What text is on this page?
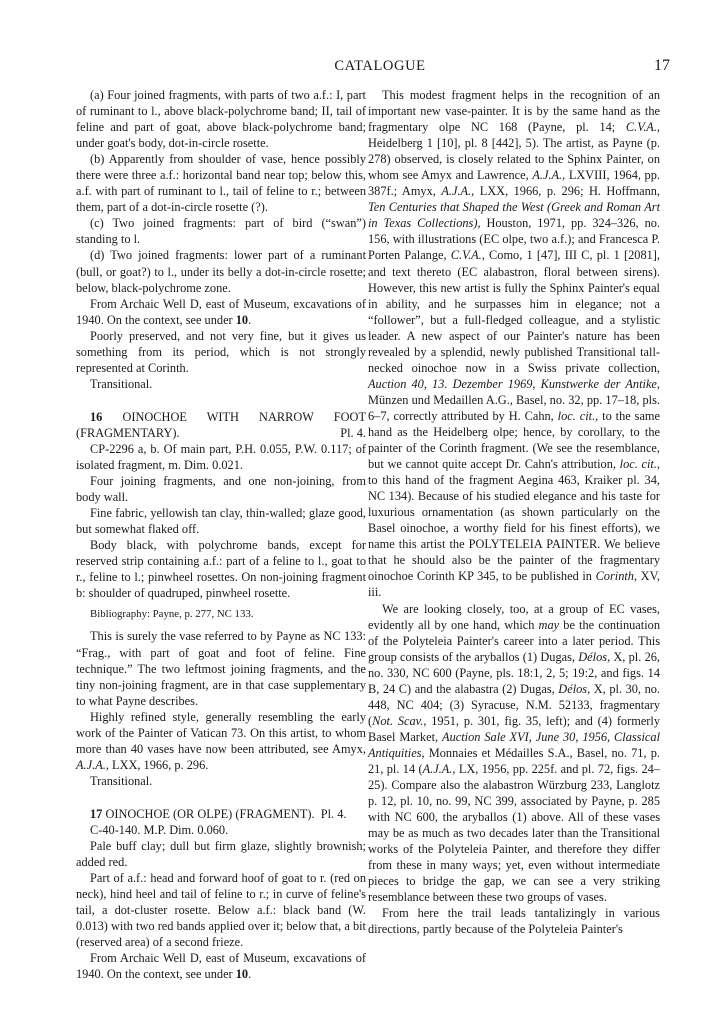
CATALOGUE	17

(a) Four joined fragments, with parts of two a.f.: I, part of ruminant to l., above black-polychrome band; II, tail of feline and part of goat, above black-polychrome band; under goat's body, dot-in-circle rosette.

(b) Apparently from shoulder of vase, hence possibly there were three a.f.: horizontal band near top; below this, a.f. with part of ruminant to l., tail of feline to r.; between them, part of a dot-in-circle rosette (?).

(c) Two joined fragments: part of bird (“swan”) standing to l.

(d) Two joined fragments: lower part of a ruminant (bull, or goat?) to l., under its belly a dot-in-circle rosette; below, black-polychrome zone.

From Archaic Well D, east of Museum, excavations of 1940. On the context, see under 10.

Poorly preserved, and not very fine, but it gives us something from its period, which is not strongly represented at Corinth.

Transitional.

16 OINOCHOE WITH NARROW FOOT (FRAGMENTARY).	Pl. 4.

CP-2296 a, b. Of main part, P.H. 0.055, P.W. 0.117; of isolated fragment, m. Dim. 0.021.

Four joining fragments, and one non-joining, from body wall.

Fine fabric, yellowish tan clay, thin-walled; glaze good, but somewhat flaked off.

Body black, with polychrome bands, except for reserved strip containing a.f.: part of a feline to l., goat to r., feline to l.; pinwheel rosettes. On non-joining fragment b: shoulder of quadruped, pinwheel rosette.

Bibliography: Payne, p. 277, NC 133.

This is surely the vase referred to by Payne as NC 133: “Frag., with part of goat and foot of feline. Fine technique.” The two leftmost joining fragments, and the tiny non-joining fragment, are in that case supplementary to what Payne describes.

Highly refined style, generally resembling the early work of the Painter of Vatican 73. On this artist, to whom more than 40 vases have now been attributed, see Amyx, A.J.A., LXX, 1966, p. 296.

Transitional.

17 OINOCHOE (OR OLPE) (FRAGMENT). Pl. 4.

C-40-140. M.P. Dim. 0.060.

Pale buff clay; dull but firm glaze, slightly brownish; added red.

Part of a.f.: head and forward hoof of goat to r. (red on neck), hind heel and tail of feline to r.; in curve of feline's tail, a dot-cluster rosette. Below a.f.: black band (W. 0.013) with two red bands applied over it; below that, a bit (reserved area) of a second frieze.

From Archaic Well D, east of Museum, excavations of 1940. On the context, see under 10.

This modest fragment helps in the recognition of an important new vase-painter. It is by the same hand as the fragmentary olpe NC 168 (Payne, pl. 14; C.V.A., Heidelberg 1 [10], pl. 8 [442], 5). The artist, as Payne (p. 278) observed, is closely related to the Sphinx Painter, on whom see Amyx and Lawrence, A.J.A., LXVIII, 1964, pp. 387f.; Amyx, A.J.A., LXX, 1966, p. 296; H. Hoffmann, Ten Centuries that Shaped the West (Greek and Roman Art in Texas Collections), Houston, 1971, pp. 324–326, no. 156, with illustrations (EC olpe, two a.f.); and Francesca P. Porten Palange, C.V.A., Como, 1 [47], III C, pl. 1 [2081], and text thereto (EC alabastron, floral between sirens). However, this new artist is fully the Sphinx Painter's equal in ability, and he surpasses him in elegance; not a “follower”, but a full-fledged colleague, and a stylistic leader. A new aspect of our Painter's nature has been revealed by a splendid, newly published Transitional tall-necked oinochoe now in a Swiss private collection, Auction 40, 13. Dezember 1969, Kunstwerke der Antike, Münzen und Medaillen A.G., Basel, no. 32, pp. 17–18, pls. 6–7, correctly attributed by H. Cahn, loc. cit., to the same hand as the Heidelberg olpe; hence, by corollary, to the painter of the Corinth fragment. (We see the resemblance, but we cannot quite accept Dr. Cahn's attribution, loc. cit., to this hand of the fragment Aegina 463, Kraiker pl. 34, NC 134). Because of his studied elegance and his taste for luxurious ornamentation (as shown particularly on the Basel oinochoe, a worthy field for his finest efforts), we name this artist the POLYTELEIA PAINTER. We believe that he should also be the painter of the fragmentary oinochoe Corinth KP 345, to be published in Corinth, XV, iii.

We are looking closely, too, at a group of EC vases, evidently all by one hand, which may be the continuation of the Polyteleia Painter's career into a later period. This group consists of the aryballos (1) Dugas, Délos, X, pl. 26, no. 330, NC 600 (Payne, pls. 18:1, 2, 5; 19:2, and figs. 14 B, 24 C) and the alabastra (2) Dugas, Délos, X, pl. 30, no. 448, NC 404; (3) Syracuse, N.M. 52133, fragmentary (Not. Scav., 1951, p. 301, fig. 35, left); and (4) formerly Basel Market, Auction Sale XVI, June 30, 1956, Classical Antiquities, Monnaies et Médailles S.A., Basel, no. 71, p. 21, pl. 14 (A.J.A., LX, 1956, pp. 225f. and pl. 72, figs. 24–25). Compare also the alabastron Würzburg 233, Langlotz p. 12, pl. 10, no. 99, NC 399, associated by Payne, p. 285 with NC 600, the aryballos (1) above. All of these vases may be as much as two decades later than the Transitional works of the Polyteleia Painter, and therefore they differ from these in many ways; yet, even without intermediate pieces to bridge the gap, we can see a very striking resemblance between these two groups of vases.

From here the trail leads tantalizingly in various directions, partly because of the Polyteleia Painter's
